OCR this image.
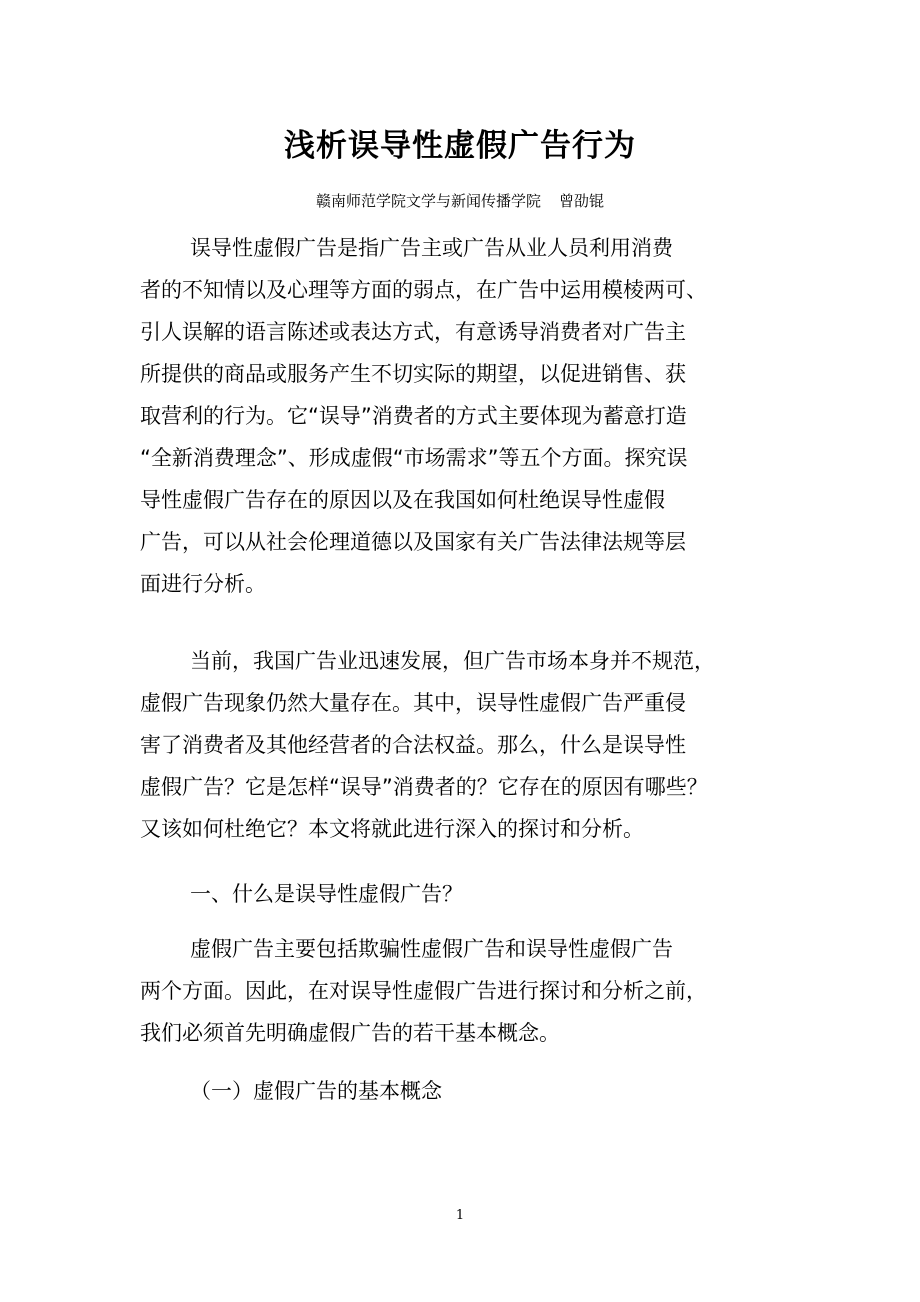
浅析误导性虚假广告行为
赣南师范学院文学与新闻传播学院 曾劭锟
误导性虚假广告是指广告主或广告从业人员利用消费
者的不知情以及心理等方面的弱点，在广告中运用模棱两可、
引人误解的语言陈述或表达方式，有意诱导消费者对广告主
所提供的商品或服务产生不切实际的期望，以促进销售、获
取营利的行为。它“误导”消费者的方式主要体现为蓄意打造
“全新消费理念”、形成虚假“市场需求”等五个方面。探究误
导性虚假广告存在的原因以及在我国如何杜绝误导性虚假
广告，可以从社会伦理道德以及国家有关广告法律法规等层
面进行分析。
当前，我国广告业迅速发展，但广告市场本身并不规范，
虚假广告现象仍然大量存在。其中，误导性虚假广告严重侵
害了消费者及其他经营者的合法权益。那么，什么是误导性
虚假广告？它是怎样“误导”消费者的？它存在的原因有哪些？
又该如何杜绝它？本文将就此进行深入的探讨和分析。
一、什么是误导性虚假广告？
虚假广告主要包括欺骗性虚假广告和误导性虚假广告
两个方面。因此，在对误导性虚假广告进行探讨和分析之前，
我们必须首先明确虚假广告的若干基本概念。
（一）虚假广告的基本概念
1
